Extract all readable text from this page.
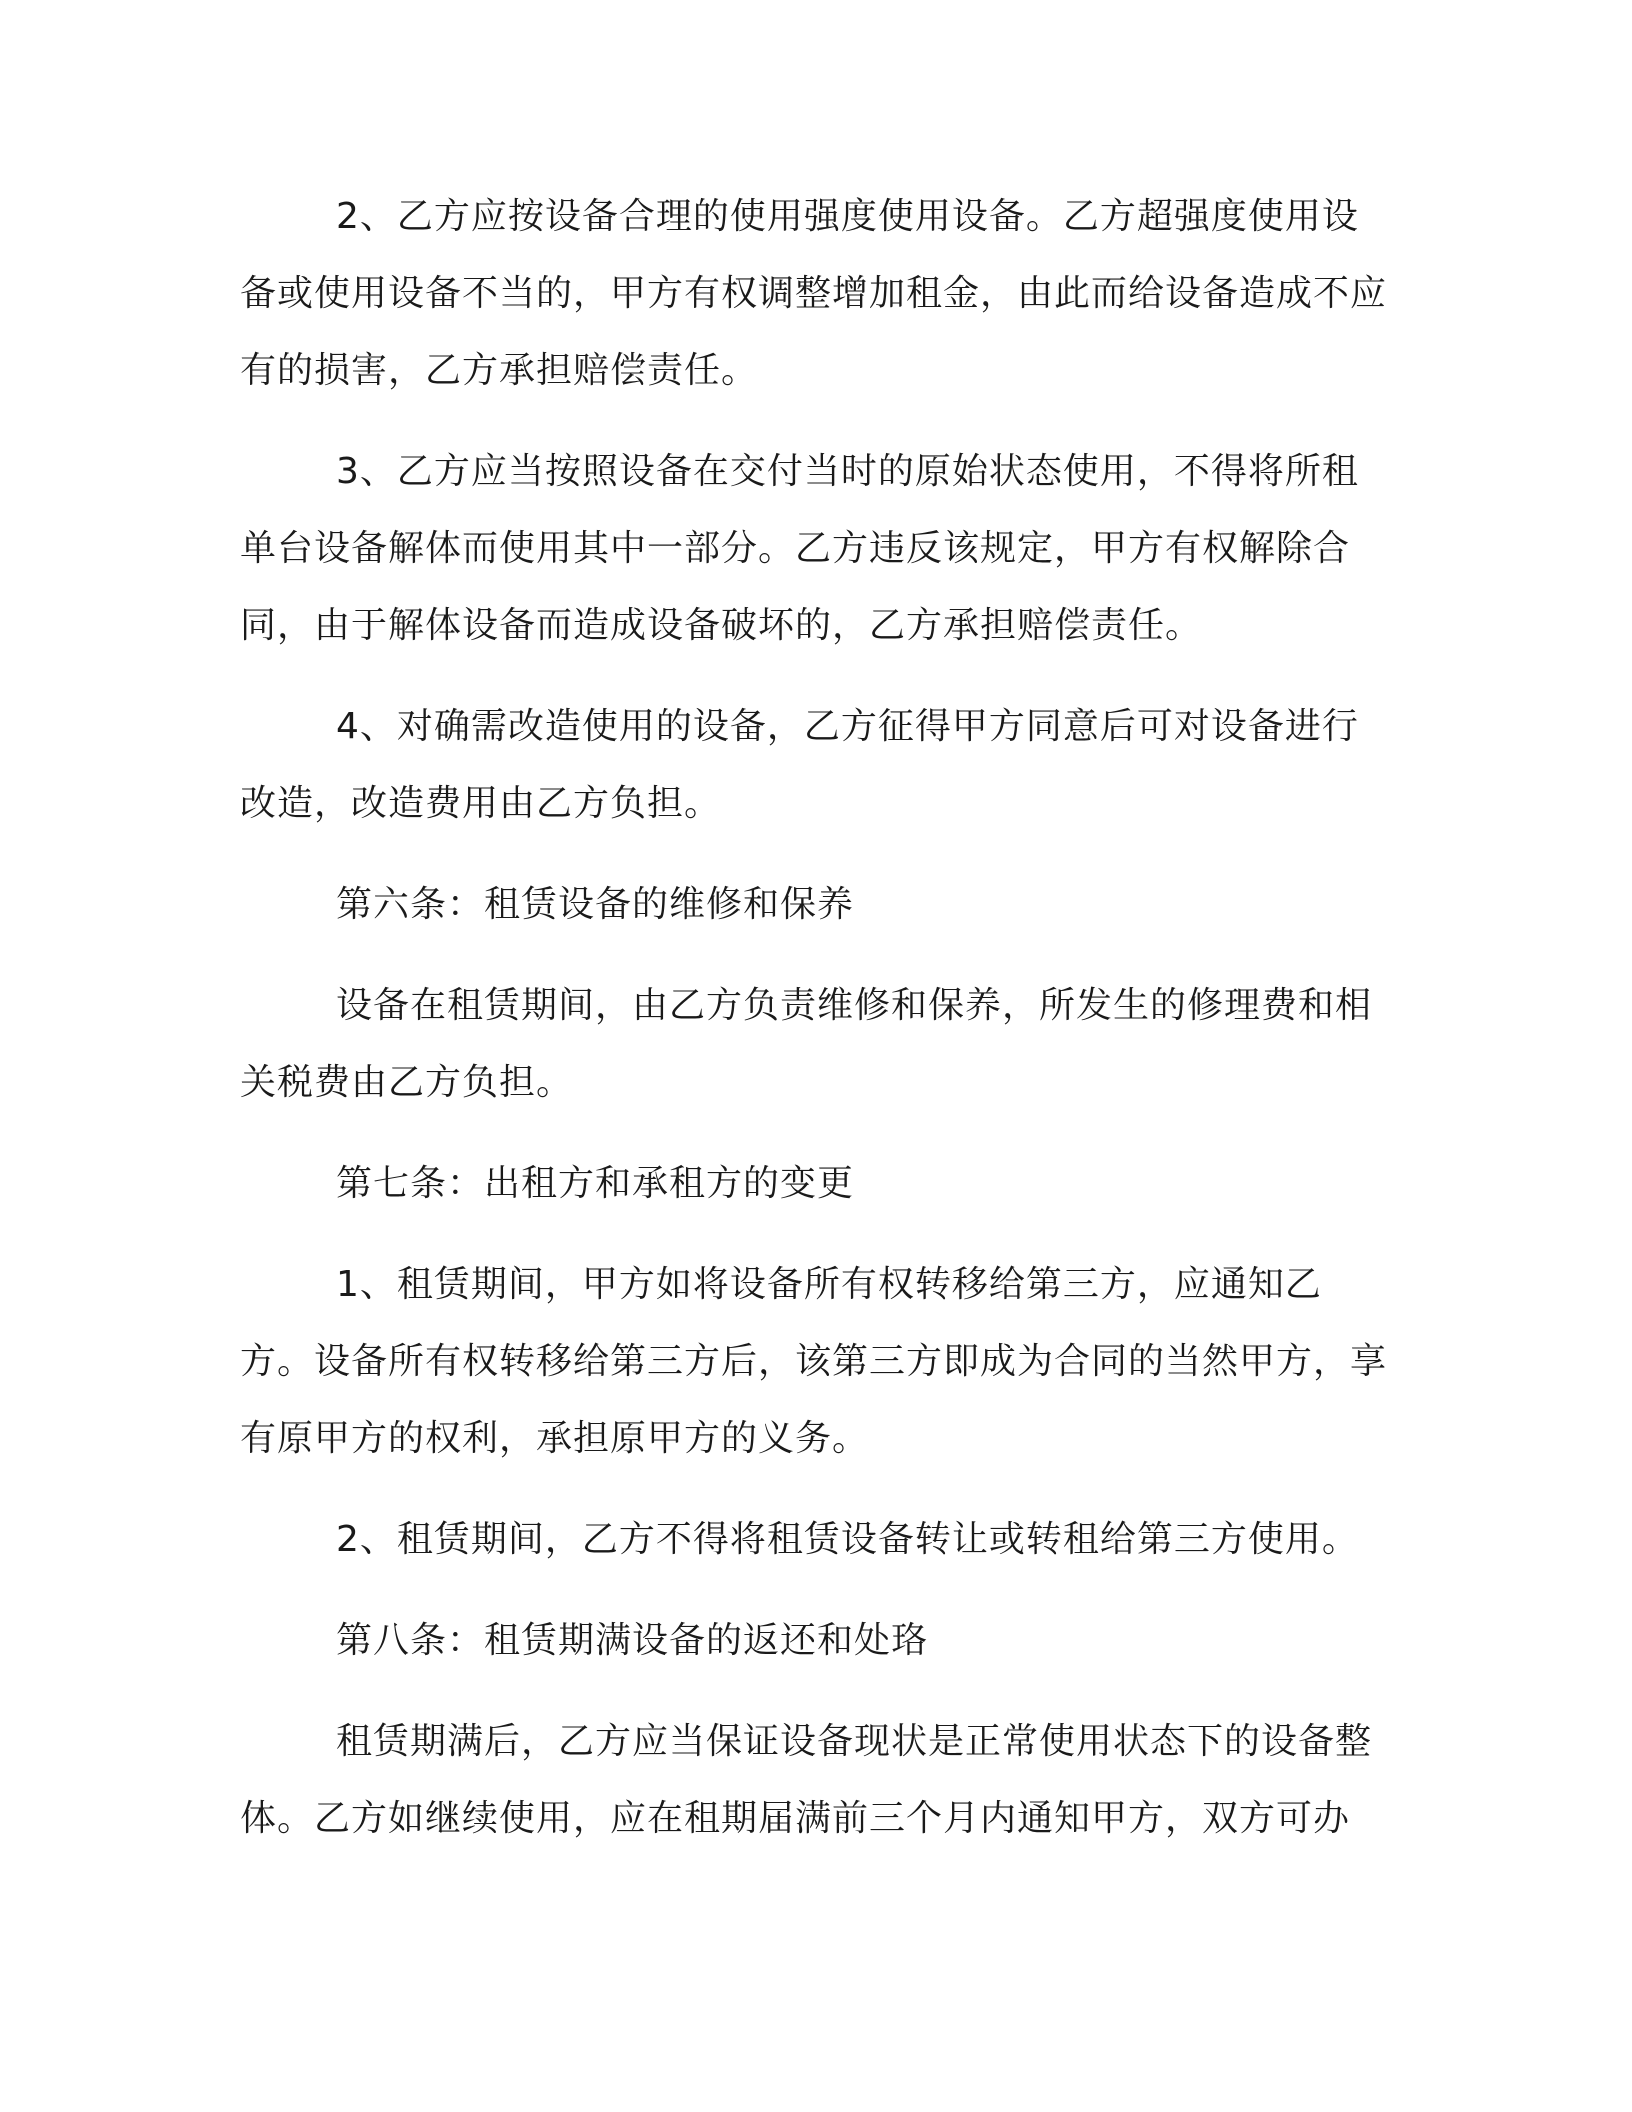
2、乙方应按设备合理的使用强度使用设备。乙方超强度使用设备或使用设备不当的，甲方有权调整增加租金，由此而给设备造成不应有的损害，乙方承担赔偿责任。

3、乙方应当按照设备在交付当时的原始状态使用，不得将所租单台设备解体而使用其中一部分。乙方违反该规定，甲方有权解除合同，由于解体设备而造成设备破坏的，乙方承担赔偿责任。

4、对确需改造使用的设备，乙方征得甲方同意后可对设备进行改造，改造费用由乙方负担。

第六条：租赁设备的维修和保养

设备在租赁期间，由乙方负责维修和保养，所发生的修理费和相关税费由乙方负担。

第七条：出租方和承租方的变更

1、租赁期间，甲方如将设备所有权转移给第三方，应通知乙方。设备所有权转移给第三方后，该第三方即成为合同的当然甲方，享有原甲方的权利，承担原甲方的义务。

2、租赁期间，乙方不得将租赁设备转让或转租给第三方使用。

第八条：租赁期满设备的返还和处珞

租赁期满后，乙方应当保证设备现状是正常使用状态下的设备整体。乙方如继续使用，应在租期届满前三个月内通知甲方，双方可办
